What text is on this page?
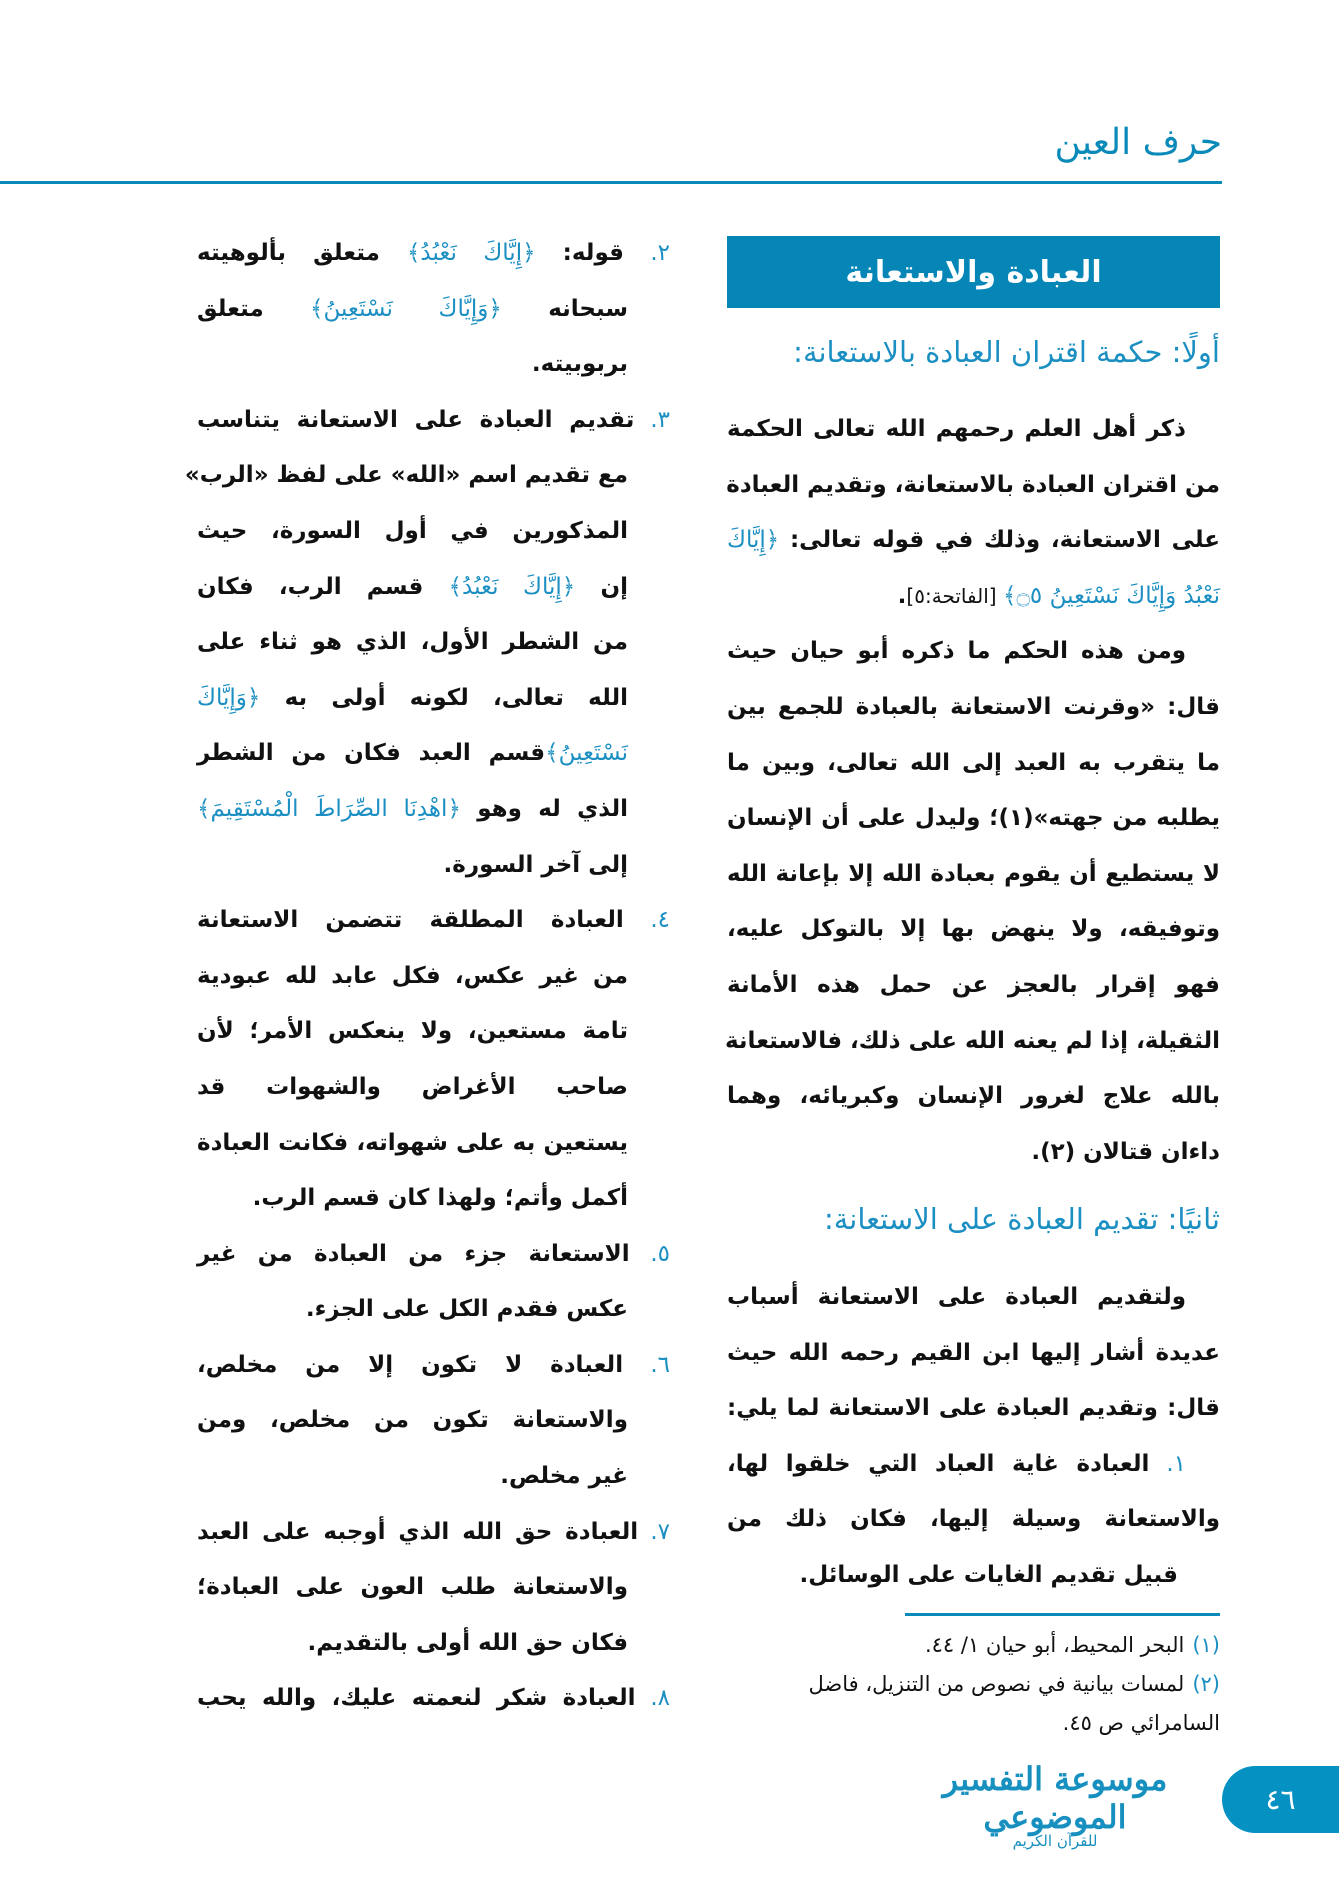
حرف العين
العبادة والاستعانة
أولًا: حكمة اقتران العبادة بالاستعانة:
ذكر أهل العلم رحمهم الله تعالى الحكمة
من اقتران العبادة بالاستعانة، وتقديم العبادة
على الاستعانة، وذلك في قوله تعالى: ﴿إِيَّاكَ
نَعْبُدُ وَإِيَّاكَ نَسْتَعِينُ ۝٥﴾ [الفاتحة:٥].
ومن هذه الحكم ما ذكره أبو حيان حيث
قال: «وقرنت الاستعانة بالعبادة للجمع بين
ما يتقرب به العبد إلى الله تعالى، وبين ما
يطلبه من جهته»(١)؛ وليدل على أن الإنسان
لا يستطيع أن يقوم بعبادة الله إلا بإعانة الله
وتوفيقه، ولا ينهض بها إلا بالتوكل عليه،
فهو إقرار بالعجز عن حمل هذه الأمانة
الثقيلة، إذا لم يعنه الله على ذلك، فالاستعانة
بالله علاج لغرور الإنسان وكبريائه، وهما
داءان قتالان (٢).
ثانيًا: تقديم العبادة على الاستعانة:
ولتقديم العبادة على الاستعانة أسباب
عديدة أشار إليها ابن القيم رحمه الله حيث
قال: وتقديم العبادة على الاستعانة لما يلي:
١. العبادة غاية العباد التي خلقوا لها،
والاستعانة وسيلة إليها، فكان ذلك من
قبيل تقديم الغايات على الوسائل.
٢. قوله: ﴿إِيَّاكَ نَعْبُدُ﴾ متعلق بألوهيته
سبحانه ﴿وَإِيَّاكَ نَسْتَعِينُ﴾ متعلق
بربوبيته.
٣. تقديم العبادة على الاستعانة يتناسب
مع تقديم اسم «الله» على لفظ «الرب»
المذكورين في أول السورة، حيث
إن ﴿إِيَّاكَ نَعْبُدُ﴾ قسم الرب، فكان
من الشطر الأول، الذي هو ثناء على
الله تعالى، لكونه أولى به ﴿وَإِيَّاكَ
نَسْتَعِينُ﴾قسم العبد فكان من الشطر
الذي له وهو ﴿اهْدِنَا الصِّرَاطَ الْمُسْتَقِيمَ﴾
إلى آخر السورة.
٤. العبادة المطلقة تتضمن الاستعانة
من غير عكس، فكل عابد لله عبودية
تامة مستعين، ولا ينعكس الأمر؛ لأن
صاحب الأغراض والشهوات قد
يستعين به على شهواته، فكانت العبادة
أكمل وأتم؛ ولهذا كان قسم الرب.
٥. الاستعانة جزء من العبادة من غير
عكس فقدم الكل على الجزء.
٦. العبادة لا تكون إلا من مخلص،
والاستعانة تكون من مخلص، ومن
غير مخلص.
٧. العبادة حق الله الذي أوجبه على العبد
والاستعانة طلب العون على العبادة؛
فكان حق الله أولى بالتقديم.
٨. العبادة شكر لنعمته عليك، والله يحب
(١)البحر المحيط، أبو حيان ١/ ٤٤.
(٢)لمسات بيانية في نصوص من التنزيل، فاضل السامرائي ص ٤٥.
موسوعة التفسير الموضوعي
للقرآن الكريم
٤٦
